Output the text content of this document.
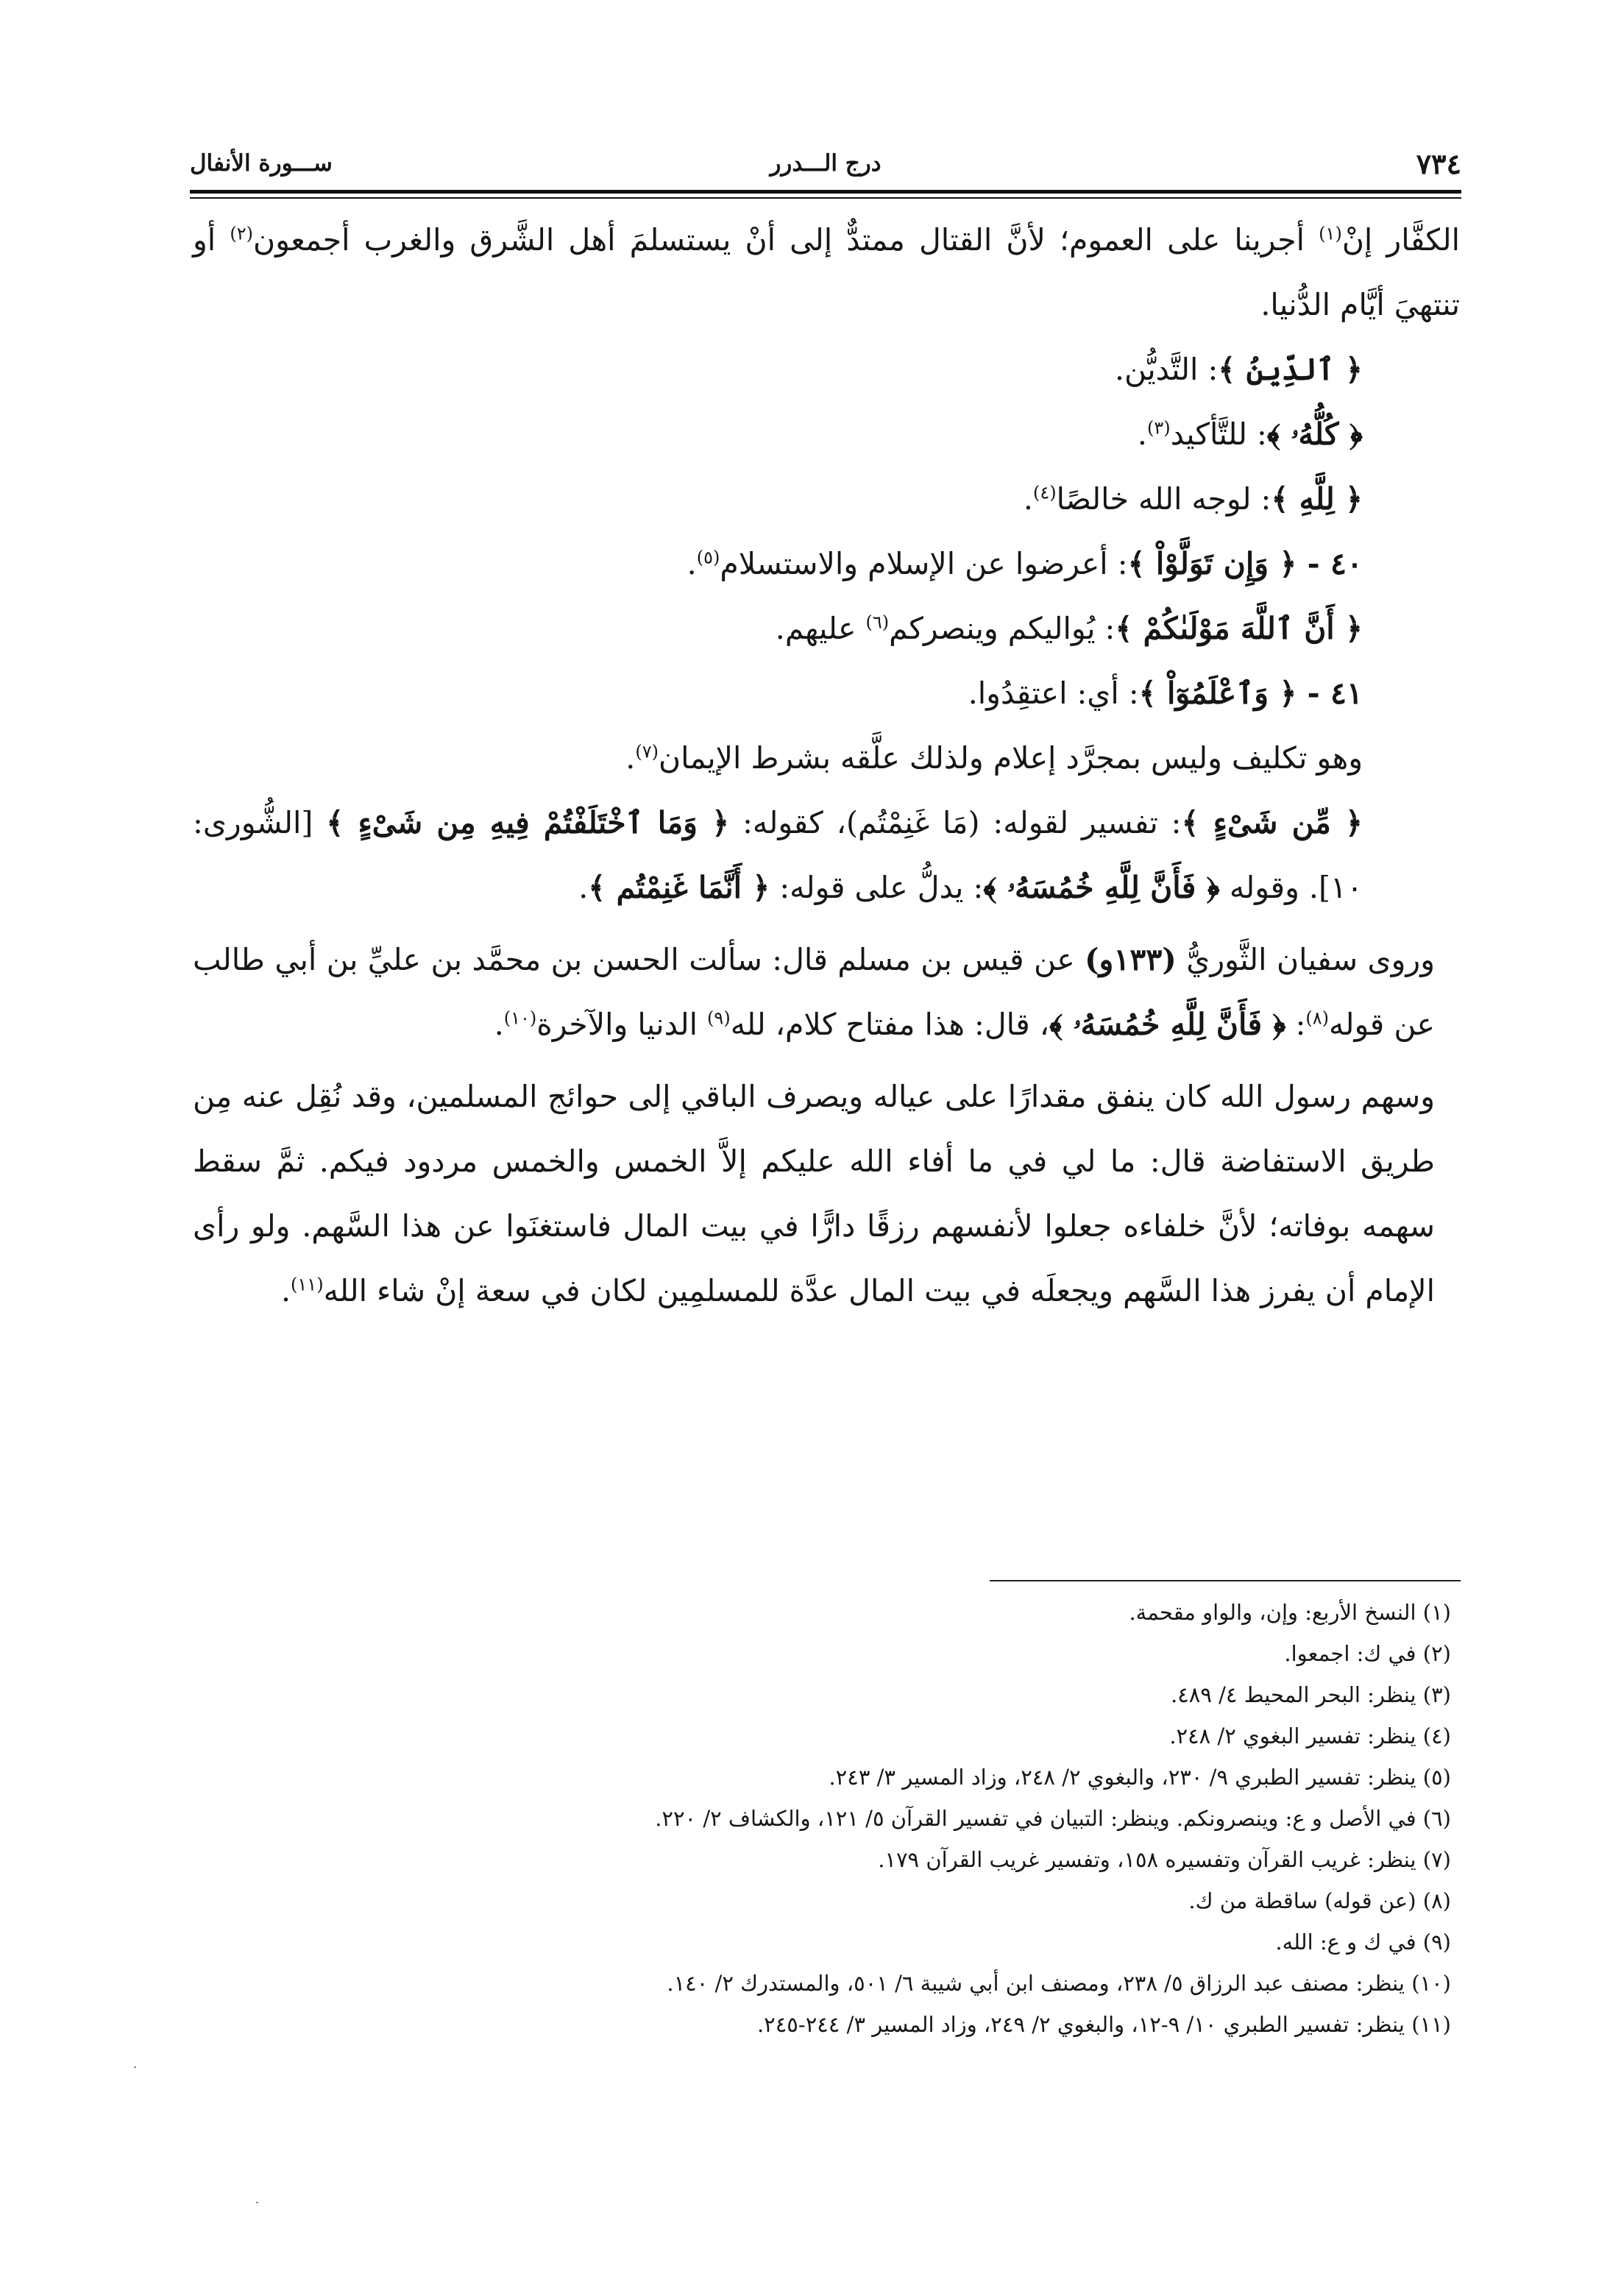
٧٣٤
درج الـــدرر
ســـورة الأنفال

الكفَّار إنْ$^{(١)}$ أجرينا على العموم؛ لأنَّ القتال ممتدٌّ إلى أنْ يستسلمَ أهل الشَّرق والغرب أجمعون$^{(٢)}$ أو تنتهيَ أيَّام الدُّنيا.

﴿ ٱلدِّينُ ﴾: التَّديُّن.

﴿ كُلُّهُۥ ﴾: للتَّأكيد$^{(٣)}$.

﴿ لِلَّهِ ﴾: لوجه الله خالصًا$^{(٤)}$.

٤٠ - ﴿ وَإِن تَوَلَّوْاْ ﴾: أعرضوا عن الإسلام والاستسلام$^{(٥)}$.

﴿ أَنَّ ٱللَّهَ مَوْلَىٰكُمْ ﴾: يُواليكم وينصركم$^{(٦)}$ عليهم.

٤١ - ﴿ وَٱعْلَمُوٓاْ ﴾: أي: اعتقِدُوا.

وهو تكليف وليس بمجرَّد إعلام ولذلك علَّقه بشرط الإيمان$^{(٧)}$.

﴿ مِّن شَىْءٍ ﴾: تفسير لقوله: (مَا غَنِمْتُم)، كقوله: ﴿ وَمَا ٱخْتَلَفْتُمْ فِيهِ مِن شَىْءٍ ﴾ [الشُّورى: ١٠]. وقوله ﴿ فَأَنَّ لِلَّهِ خُمُسَهُۥ ﴾: يدلُّ على قوله: ﴿ أَنَّمَا غَنِمْتُم ﴾.

وروى سفيان الثَّوريُّ (١٣٣و) عن قيس بن مسلم قال: سألت الحسن بن محمَّد بن عليِّ بن أبي طالب عن قوله$^{(٨)}$: ﴿ فَأَنَّ لِلَّهِ خُمُسَهُۥ ﴾، قال: هذا مفتاح كلام، لله$^{(٩)}$ الدنيا والآخرة$^{(١٠)}$.

وسهم رسول الله كان ينفق مقدارًا على عياله ويصرف الباقي إلى حوائج المسلمين، وقد نُقِل عنه مِن طريق الاستفاضة قال: ما لي في ما أفاء الله عليكم إلاَّ الخمس والخمس مردود فيكم. ثمَّ سقط سهمه بوفاته؛ لأنَّ خلفاءه جعلوا لأنفسهم رزقًا دارًّا في بيت المال فاستغنَوا عن هذا السَّهم. ولو رأى الإمام أن يفرز هذا السَّهم ويجعلَه في بيت المال عدَّة للمسلمِين لكان في سعة إنْ شاء الله$^{(١١)}$.

(١) النسخ الأربع: وإن، والواو مقحمة.

(٢) في ك: اجمعوا.

(٣) ينظر: البحر المحيط ٤/ ٤٨٩.

(٤) ينظر: تفسير البغوي ٢/ ٢٤٨.

(٥) ينظر: تفسير الطبري ٩/ ٢٣٠، والبغوي ٢/ ٢٤٨، وزاد المسير ٣/ ٢٤٣.

(٦) في الأصل و ع: وينصرونكم. وينظر: التبيان في تفسير القرآن ٥/ ١٢١، والكشاف ٢/ ٢٢٠.

(٧) ينظر: غريب القرآن وتفسيره ١٥٨، وتفسير غريب القرآن ١٧٩.

(٨) (عن قوله) ساقطة من ك.

(٩) في ك و ع: الله.

(١٠) ينظر: مصنف عبد الرزاق ٥/ ٢٣٨، ومصنف ابن أبي شيبة ٦/ ٥٠١، والمستدرك ٢/ ١٤٠.

(١١) ينظر: تفسير الطبري ١٠/ ٩-١٢، والبغوي ٢/ ٢٤٩، وزاد المسير ٣/ ٢٤٤-٢٤٥.
